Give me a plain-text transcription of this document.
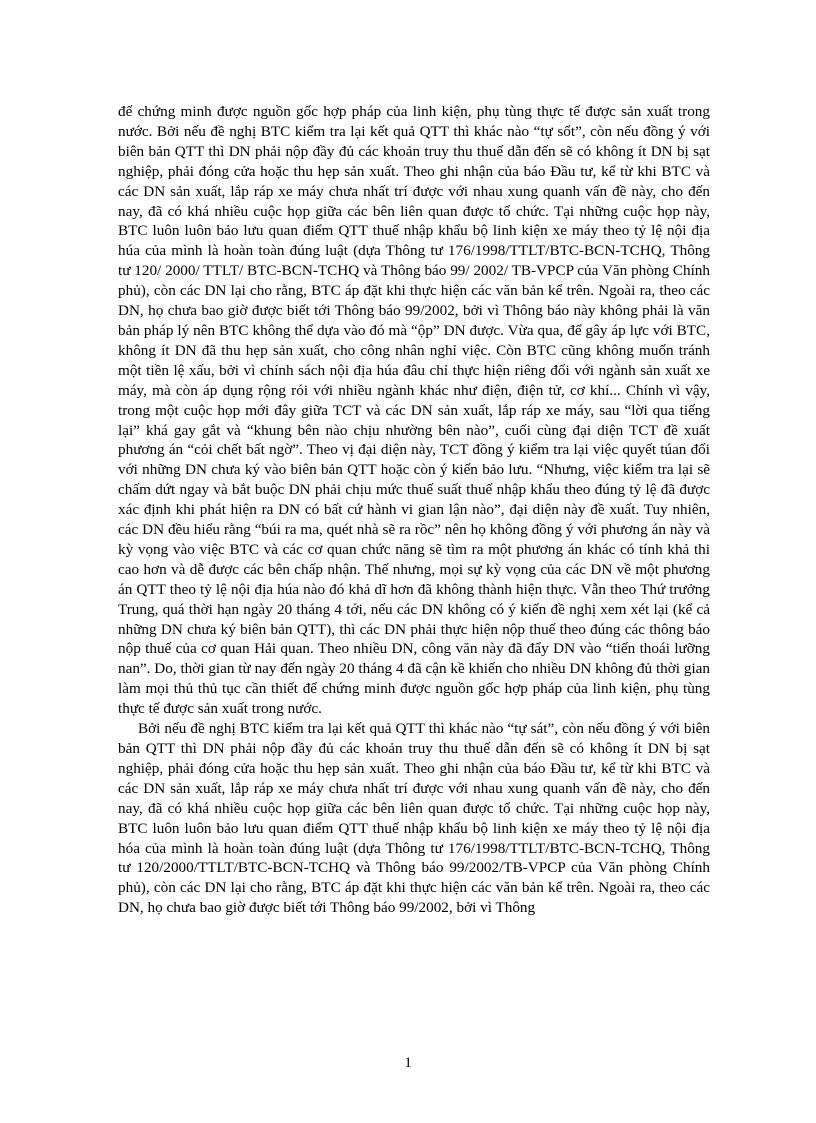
để chứng minh được nguồn gốc hợp pháp của linh kiện, phụ tùng thực tế được sản xuất trong nước. Bởi nếu đề nghị BTC kiểm tra lại kết quả QTT thì khác nào “tự sổt”, còn nếu đồng ý với biên bản QTT thì DN phải nộp đầy đủ các khoản truy thu thuế dẫn đến sẽ có không ít DN bị sạt nghiệp, phải đóng cửa hoặc thu hẹp sản xuất. Theo ghi nhận của báo Đầu tư, kể từ khi BTC và các DN sản xuất, lắp ráp xe máy chưa nhất trí được với nhau xung quanh vấn đề này, cho đến nay, đã có khá nhiều cuộc họp giữa các bên liên quan được tổ chức. Tại những cuộc họp này, BTC luôn luôn bảo lưu quan điểm QTT thuế nhập khẩu bộ linh kiện xe máy theo tỷ lệ nội địa húa của mình là hoàn toàn đúng luật (dựa Thông tư 176/1998/TTLT/BTC-BCN-TCHQ, Thông tư 120/ 2000/ TTLT/ BTC-BCN-TCHQ và Thông báo 99/ 2002/ TB-VPCP của Văn phòng Chính phủ), còn các DN lại cho rằng, BTC áp đặt khi thực hiện các văn bản kể trên. Ngoài ra, theo các DN, họ chưa bao giờ được biết tới Thông báo 99/2002, bởi vì Thông báo này không phải là văn bản pháp lý nên BTC không thể dựa vào đó mà “ộp” DN được. Vừa qua, để gây áp lực với BTC, không ít DN đã thu hẹp sản xuất, cho công nhân nghỉ việc. Còn BTC cũng không muốn tránh một tiền lệ xấu, bởi vì chính sách nội địa húa đâu chỉ thực hiện riêng đối với ngành sản xuất xe máy, mà còn áp dụng rộng rói với nhiều ngành khác như điện, điện tử, cơ khí... Chính vì vậy, trong một cuộc họp mới đây giữa TCT và các DN sản xuất, lắp ráp xe máy, sau “lời qua tiếng lại” khá gay gắt và “khung bên nào chịu nhường bên nào”, cuối cùng đại diện TCT đề xuất phương án “cỏi chết bất ngờ”. Theo vị đại diện này, TCT đồng ý kiểm tra lại việc quyết túan đối với những DN chưa ký vào biên bản QTT hoặc còn ý kiến bảo lưu. “Nhưng, việc kiểm tra lại sẽ chấm dứt ngay và bắt buộc DN phải chịu mức thuế suất thuế nhập khẩu theo đúng tỷ lệ đã được xác định khi phát hiện ra DN có bất cứ hành vi gian lận nào”, đại diện này đề xuất. Tuy nhiên, các DN đều hiểu rằng “búi ra ma, quét nhà sẽ ra rồc” nên họ không đồng ý với phương án này và kỳ vọng vào việc BTC và các cơ quan chức năng sẽ tìm ra một phương án khác có tính khả thi cao hơn và dễ được các bên chấp nhận. Thế nhưng, mọi sự kỳ vọng của các DN về một phương án QTT theo tỷ lệ nội địa húa nào đó khả dĩ hơn đã không thành hiện thực. Vẫn theo Thứ trưởng Trung, quá thời hạn ngày 20 tháng 4 tới, nếu các DN không có ý kiến đề nghị xem xét lại (kể cả những DN chưa ký biên bản QTT), thì các DN phải thực hiện nộp thuế theo đúng các thông báo nộp thuế của cơ quan Hải quan. Theo nhiều DN, công văn này đã đẩy DN vào “tiến thoái lưỡng nan”. Do, thời gian từ nay đến ngày 20 tháng 4 đã cận kề khiến cho nhiều DN không đủ thời gian làm mọi thủ thủ tục cần thiết để chứng minh được nguồn gốc hợp pháp của linh kiện, phụ tùng thực tế được sản xuất trong nước.

Bởi nếu đề nghị BTC kiểm tra lại kết quả QTT thì khác nào “tự sát”, còn nếu đồng ý với biên bản QTT thì DN phải nộp đầy đủ các khoản truy thu thuế dẫn đến sẽ có không ít DN bị sạt nghiệp, phải đóng cửa hoặc thu hẹp sản xuất. Theo ghi nhận của báo Đầu tư, kể từ khi BTC và các DN sản xuất, lắp ráp xe máy chưa nhất trí được với nhau xung quanh vấn đề này, cho đến nay, đã có khá nhiều cuộc họp giữa các bên liên quan được tổ chức. Tại những cuộc họp này, BTC luôn luôn bảo lưu quan điểm QTT thuế nhập khẩu bộ linh kiện xe máy theo tỷ lệ nội địa hóa của mình là hoàn toàn đúng luật (dựa Thông tư 176/1998/TTLT/BTC-BCN-TCHQ, Thông tư 120/2000/TTLT/BTC-BCN-TCHQ và Thông báo 99/2002/TB-VPCP của Văn phòng Chính phủ), còn các DN lại cho rằng, BTC áp đặt khi thực hiện các văn bản kể trên. Ngoài ra, theo các DN, họ chưa bao giờ được biết tới Thông báo 99/2002, bởi vì Thông

1
